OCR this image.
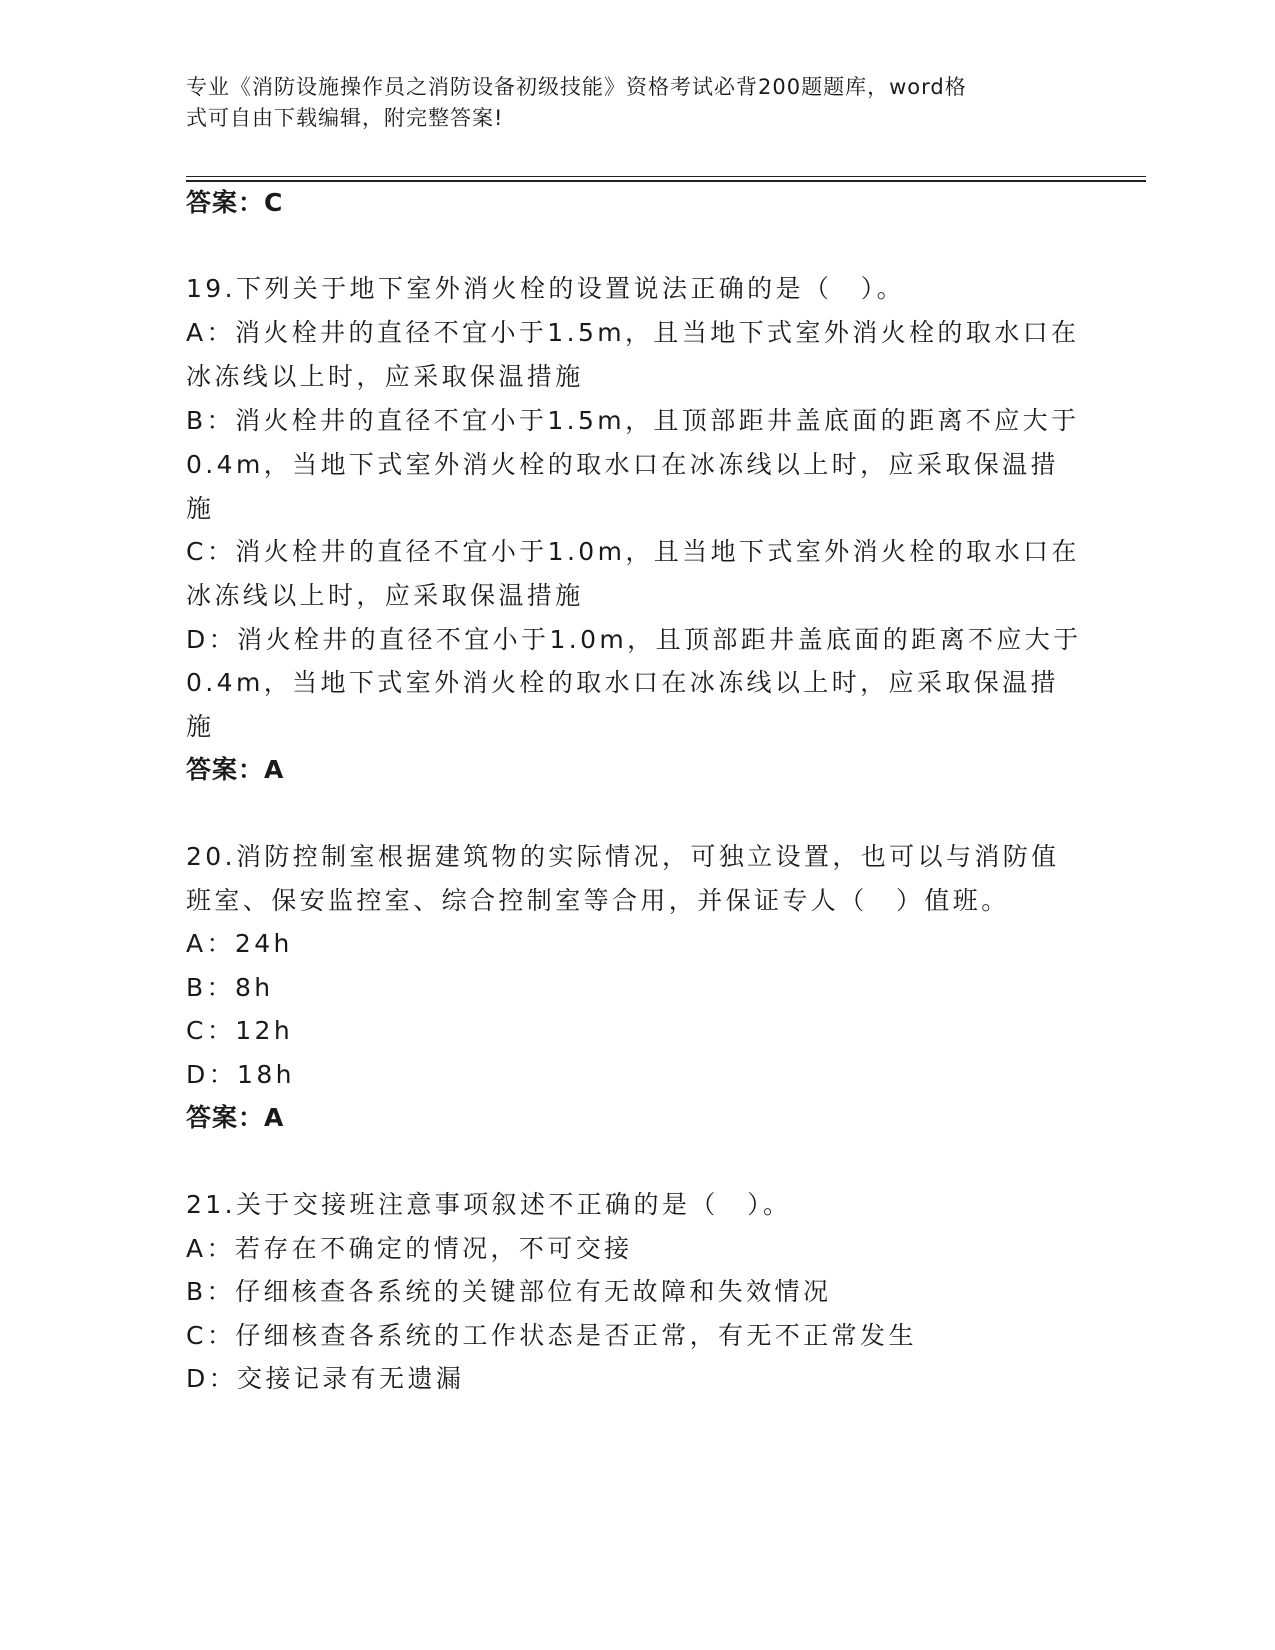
专业《消防设施操作员之消防设备初级技能》资格考试必背200题题库，word格
式可自由下载编辑，附完整答案!
答案：C
19.下列关于地下室外消火栓的设置说法正确的是（　）。
A：消火栓井的直径不宜小于1.5m，且当地下式室外消火栓的取水口在
冰冻线以上时，应采取保温措施
B：消火栓井的直径不宜小于1.5m，且顶部距井盖底面的距离不应大于
0.4m，当地下式室外消火栓的取水口在冰冻线以上时，应采取保温措
施
C：消火栓井的直径不宜小于1.0m，且当地下式室外消火栓的取水口在
冰冻线以上时，应采取保温措施
D：消火栓井的直径不宜小于1.0m，且顶部距井盖底面的距离不应大于
0.4m，当地下式室外消火栓的取水口在冰冻线以上时，应采取保温措
施
答案：A
20.消防控制室根据建筑物的实际情况，可独立设置，也可以与消防值
班室、保安监控室、综合控制室等合用，并保证专人（　）值班。
A：24h
B：8h
C：12h
D：18h
答案：A
21.关于交接班注意事项叙述不正确的是（　）。
A：若存在不确定的情况，不可交接
B：仔细核查各系统的关键部位有无故障和失效情况
C：仔细核查各系统的工作状态是否正常，有无不正常发生
D：交接记录有无遗漏
